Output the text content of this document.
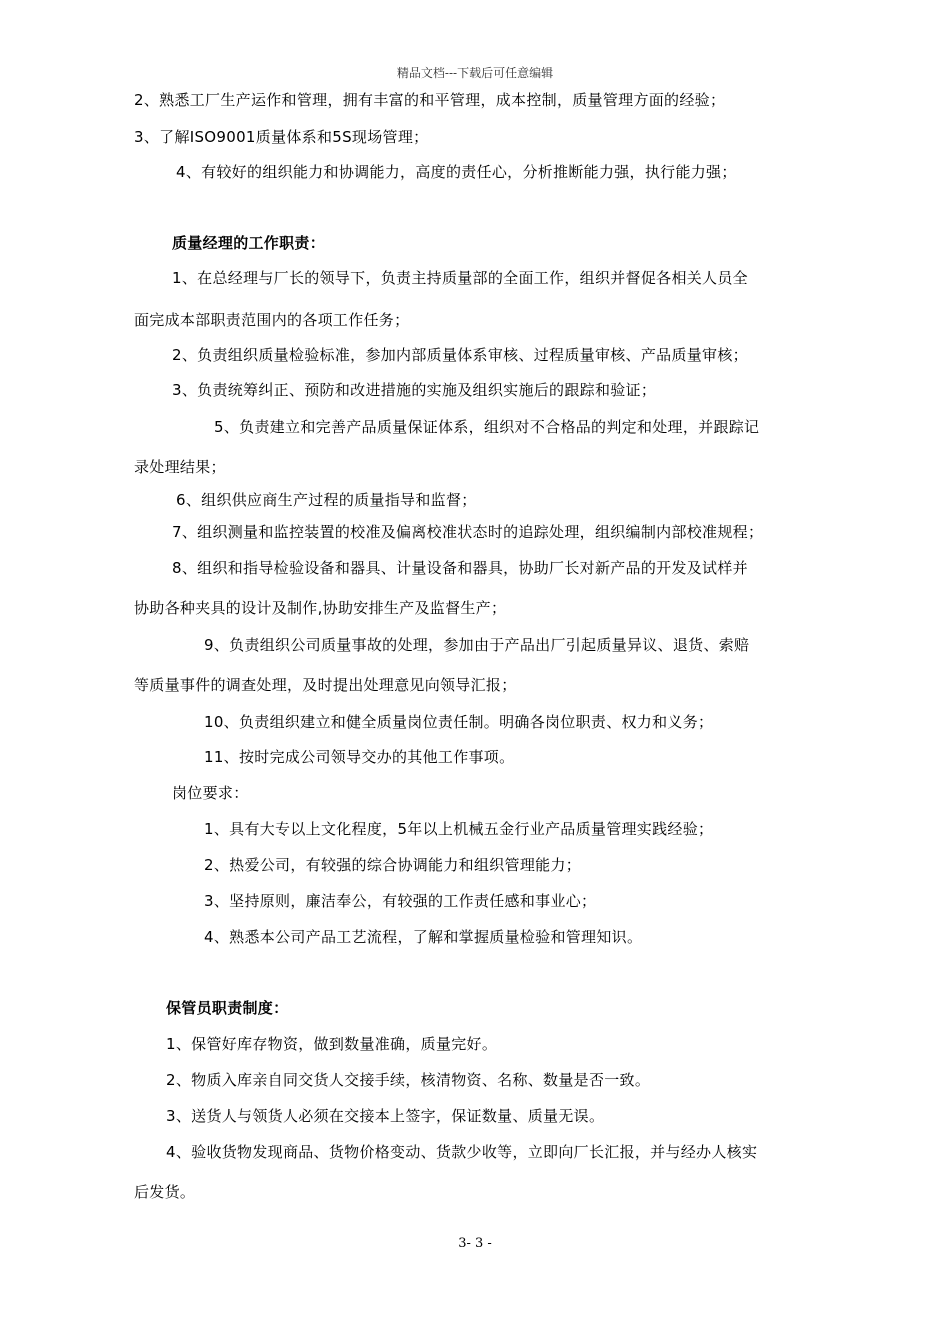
精品文档---下载后可任意编辑
2、熟悉工厂生产运作和管理，拥有丰富的和平管理，成本控制，质量管理方面的经验；
3、了解ISO9001质量体系和5S现场管理；
4、有较好的组织能力和协调能力，高度的责任心，分析推断能力强，执行能力强；
质量经理的工作职责：
1、在总经理与厂长的领导下，负责主持质量部的全面工作，组织并督促各相关人员全
面完成本部职责范围内的各项工作任务；
2、负责组织质量检验标准，参加内部质量体系审核、过程质量审核、产品质量审核；
3、负责统筹纠正、预防和改进措施的实施及组织实施后的跟踪和验证；
5、负责建立和完善产品质量保证体系，组织对不合格品的判定和处理，并跟踪记
录处理结果；
6、组织供应商生产过程的质量指导和监督；
7、组织测量和监控装置的校准及偏离校准状态时的追踪处理，组织编制内部校准规程；
8、组织和指导检验设备和器具、计量设备和器具，协助厂长对新产品的开发及试样并
协助各种夹具的设计及制作,协助安排生产及监督生产；
9、负责组织公司质量事故的处理，参加由于产品出厂引起质量异议、退货、索赔
等质量事件的调查处理，及时提出处理意见向领导汇报；
10、负责组织建立和健全质量岗位责任制。明确各岗位职责、权力和义务；
11、按时完成公司领导交办的其他工作事项。
岗位要求：
1、具有大专以上文化程度，5年以上机械五金行业产品质量管理实践经验；
2、热爱公司，有较强的综合协调能力和组织管理能力；
3、坚持原则，廉洁奉公，有较强的工作责任感和事业心；
4、熟悉本公司产品工艺流程，了解和掌握质量检验和管理知识。
保管员职责制度：
1、保管好库存物资，做到数量准确，质量完好。
2、物质入库亲自同交货人交接手续，核清物资、名称、数量是否一致。
3、送货人与领货人必须在交接本上签字，保证数量、质量无误。
4、验收货物发现商品、货物价格变动、货款少收等，立即向厂长汇报，并与经办人核实
后发货。
3- 3 -
